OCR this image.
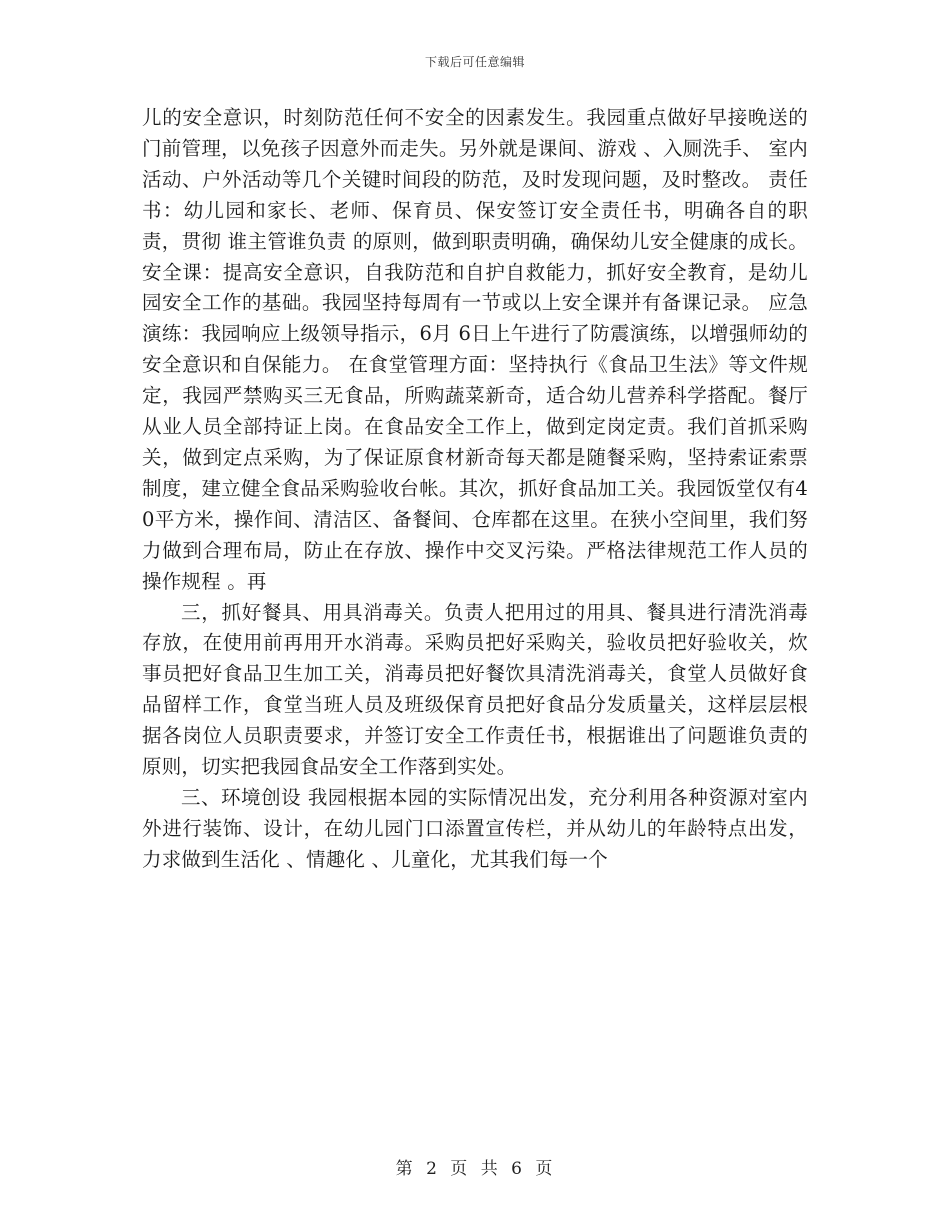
下载后可任意编辑

儿的安全意识，时刻防范任何不安全的因素发生。我园重点做好早接晚送的门前管理，以免孩子因意外而走失。另外就是课间、游戏 、入厕洗手、 室内活动、户外活动等几个关键时间段的防范，及时发现问题，及时整改。 责任书：幼儿园和家长、老师、保育员、保安签订安全责任书，明确各自的职责，贯彻 谁主管谁负责 的原则，做到职责明确，确保幼儿安全健康的成长。 安全课：提高安全意识，自我防范和自护自救能力，抓好安全教育，是幼儿园安全工作的基础。我园坚持每周有一节或以上安全课并有备课记录。 应急演练：我园响应上级领导指示，6月 6日上午进行了防震演练，以增强师幼的安全意识和自保能力。 在食堂管理方面：坚持执行《食品卫生法》等文件规定，我园严禁购买三无食品，所购蔬菜新奇，适合幼儿营养科学搭配。餐厅从业人员全部持证上岗。在食品安全工作上，做到定岗定责。我们首抓采购关，做到定点采购，为了保证原食材新奇每天都是随餐采购，坚持索证索票制度，建立健全食品采购验收台帐。其次，抓好食品加工关。我园饭堂仅有40平方米，操作间、清洁区、备餐间、仓库都在这里。在狭小空间里，我们努力做到合理布局，防止在存放、操作中交叉污染。严格法律规范工作人员的操作规程 。再

三，抓好餐具、用具消毒关。负责人把用过的用具、餐具进行清洗消毒存放，在使用前再用开水消毒。采购员把好采购关，验收员把好验收关，炊事员把好食品卫生加工关，消毒员把好餐饮具清洗消毒关，食堂人员做好食品留样工作，食堂当班人员及班级保育员把好食品分发质量关，这样层层根据各岗位人员职责要求，并签订安全工作责任书，根据谁出了问题谁负责的原则，切实把我园食品安全工作落到实处。

三、环境创设 我园根据本园的实际情况出发，充分利用各种资源对室内外进行装饰、设计，在幼儿园门口添置宣传栏，并从幼儿的年龄特点出发，力求做到生活化 、情趣化 、儿童化，尤其我们每一个

第 2 页 共 6 页
